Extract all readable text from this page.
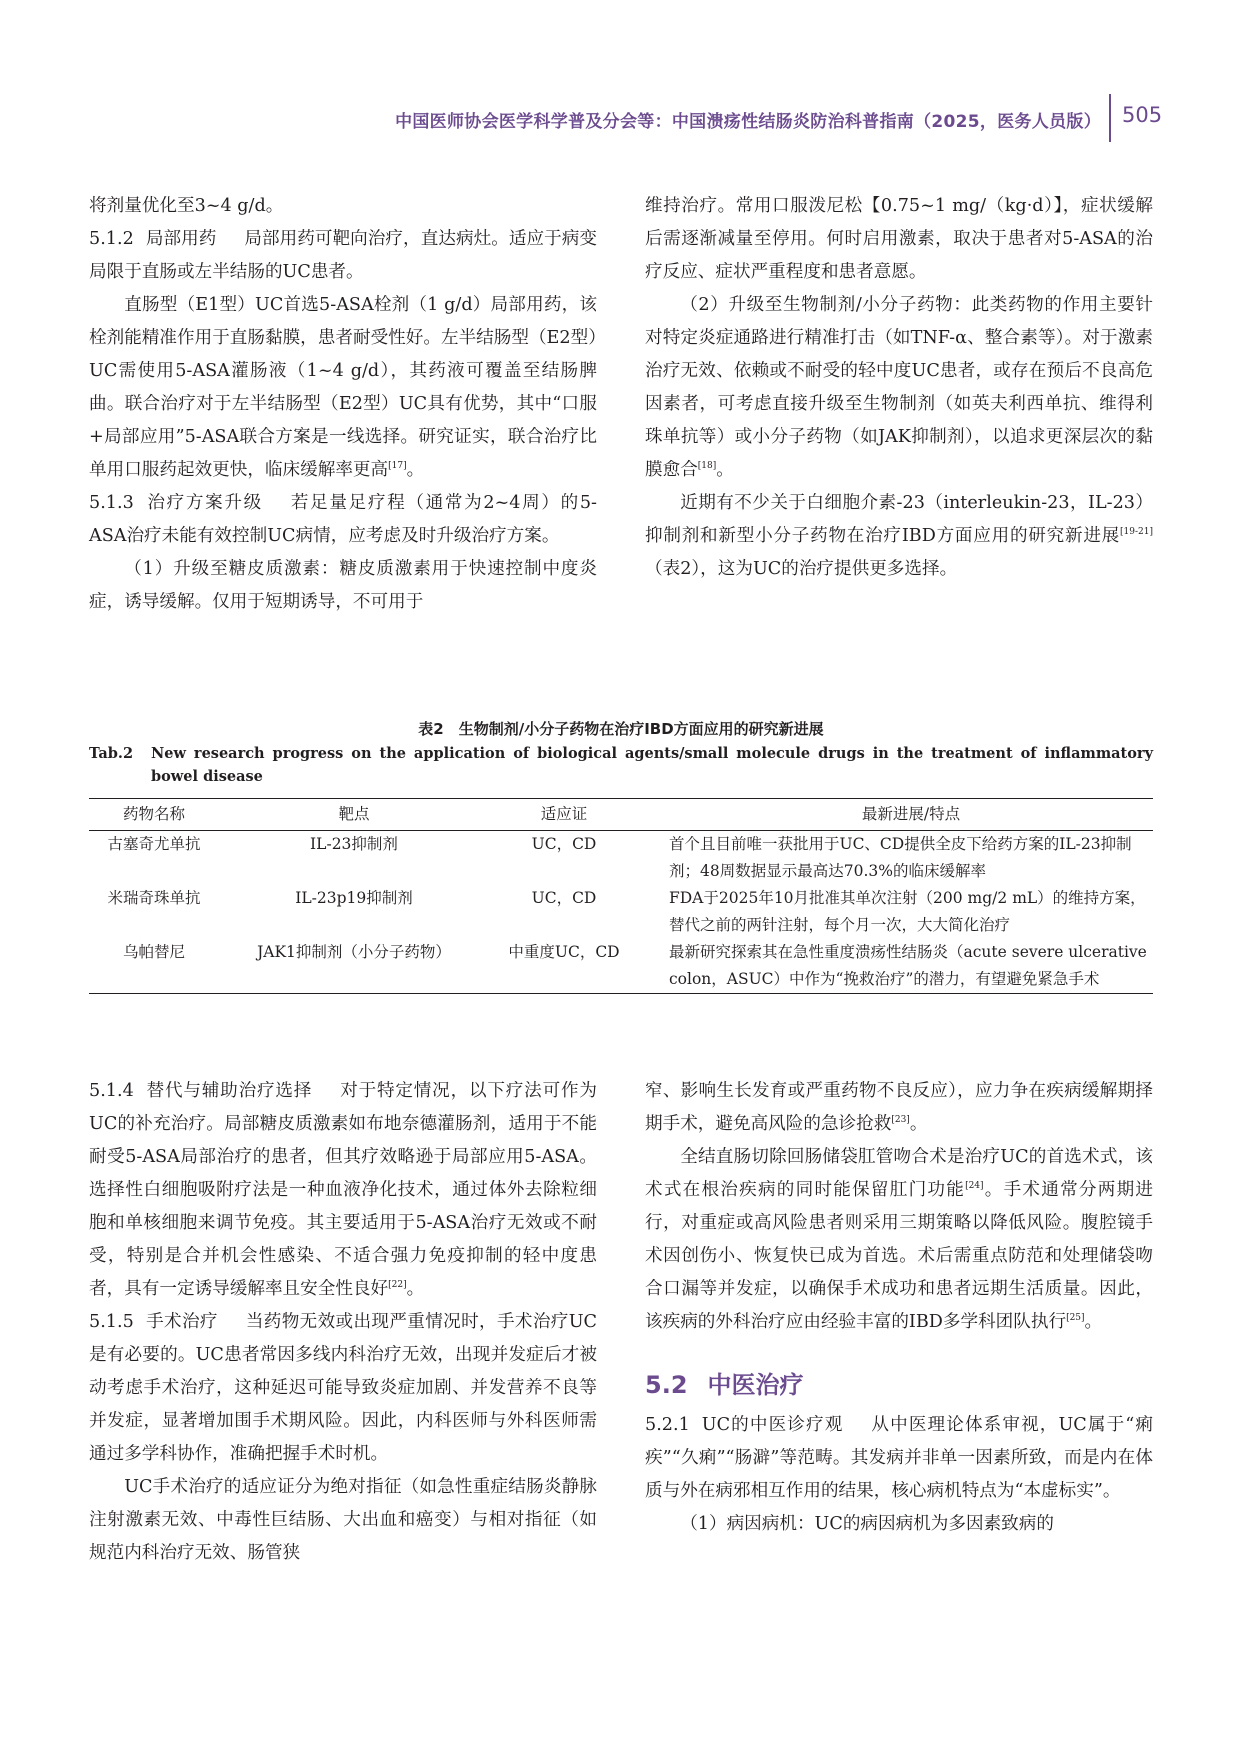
中国医师协会医学科学普及分会等：中国溃疡性结肠炎防治科普指南（2025，医务人员版） 505

将剂量优化至3~4 g/d。

5.1.2 局部用药 局部用药可靶向治疗，直达病灶。适应于病变局限于直肠或左半结肠的UC患者。

直肠型（E1型）UC首选5-ASA栓剂（1 g/d）局部用药，该栓剂能精准作用于直肠黏膜，患者耐受性好。左半结肠型（E2型）UC需使用5-ASA灌肠液（1~4 g/d），其药液可覆盖至结肠脾曲。联合治疗对于左半结肠型（E2型）UC具有优势，其中“口服+局部应用”5-ASA联合方案是一线选择。研究证实，联合治疗比单用口服药起效更快，临床缓解率更高[17]。

5.1.3 治疗方案升级 若足量足疗程（通常为2~4周）的5-ASA治疗未能有效控制UC病情，应考虑及时升级治疗方案。

（1）升级至糖皮质激素：糖皮质激素用于快速控制中度炎症，诱导缓解。仅用于短期诱导，不可用于

维持治疗。常用口服泼尼松【0.75~1 mg/（kg·d）】，症状缓解后需逐渐减量至停用。何时启用激素，取决于患者对5-ASA的治疗反应、症状严重程度和患者意愿。

（2）升级至生物制剂/小分子药物：此类药物的作用主要针对特定炎症通路进行精准打击（如TNF-α、整合素等）。对于激素治疗无效、依赖或不耐受的轻中度UC患者，或存在预后不良高危因素者，可考虑直接升级至生物制剂（如英夫利西单抗、维得利珠单抗等）或小分子药物（如JAK抑制剂），以追求更深层次的黏膜愈合[18]。

近期有不少关于白细胞介素-23（interleukin-23，IL-23）抑制剂和新型小分子药物在治疗IBD方面应用的研究新进展[19-21]（表2），这为UC的治疗提供更多选择。

表2　生物制剂/小分子药物在治疗IBD方面应用的研究新进展
Tab.2	New research progress on the application of biological agents/small molecule drugs in the treatment of inflammatory bowel disease
药物名称	靶点	适应证	最新进展/特点
古塞奇尤单抗	IL-23抑制剂	UC，CD	首个且目前唯一获批用于UC、CD提供全皮下给药方案的IL-23抑制剂；48周数据显示最高达70.3%的临床缓解率
米瑞奇珠单抗	IL-23p19抑制剂	UC，CD	FDA于2025年10月批准其单次注射（200 mg/2 mL）的维持方案，替代之前的两针注射，每个月一次，大大简化治疗
乌帕替尼	JAK1抑制剂（小分子药物）	中重度UC，CD	最新研究探索其在急性重度溃疡性结肠炎（acute severe ulcerative colon，ASUC）中作为“挽救治疗”的潜力，有望避免紧急手术

5.1.4 替代与辅助治疗选择 对于特定情况，以下疗法可作为UC的补充治疗。局部糖皮质激素如布地奈德灌肠剂，适用于不能耐受5-ASA局部治疗的患者，但其疗效略逊于局部应用5-ASA。选择性白细胞吸附疗法是一种血液净化技术，通过体外去除粒细胞和单核细胞来调节免疫。其主要适用于5-ASA治疗无效或不耐受，特别是合并机会性感染、不适合强力免疫抑制的轻中度患者，具有一定诱导缓解率且安全性良好[22]。

5.1.5 手术治疗 当药物无效或出现严重情况时，手术治疗UC是有必要的。UC患者常因多线内科治疗无效，出现并发症后才被动考虑手术治疗，这种延迟可能导致炎症加剧、并发营养不良等并发症，显著增加围手术期风险。因此，内科医师与外科医师需通过多学科协作，准确把握手术时机。

UC手术治疗的适应证分为绝对指征（如急性重症结肠炎静脉注射激素无效、中毒性巨结肠、大出血和癌变）与相对指征（如规范内科治疗无效、肠管狭

窄、影响生长发育或严重药物不良反应），应力争在疾病缓解期择期手术，避免高风险的急诊抢救[23]。

全结直肠切除回肠储袋肛管吻合术是治疗UC的首选术式，该术式在根治疾病的同时能保留肛门功能[24]。手术通常分两期进行，对重症或高风险患者则采用三期策略以降低风险。腹腔镜手术因创伤小、恢复快已成为首选。术后需重点防范和处理储袋吻合口漏等并发症，以确保手术成功和患者远期生活质量。因此，该疾病的外科治疗应由经验丰富的IBD多学科团队执行[25]。

5.2 中医治疗

5.2.1 UC的中医诊疗观 从中医理论体系审视，UC属于“痢疾”“久痢”“肠澼”等范畴。其发病并非单一因素所致，而是内在体质与外在病邪相互作用的结果，核心病机特点为“本虚标实”。

（1）病因病机：UC的病因病机为多因素致病的
